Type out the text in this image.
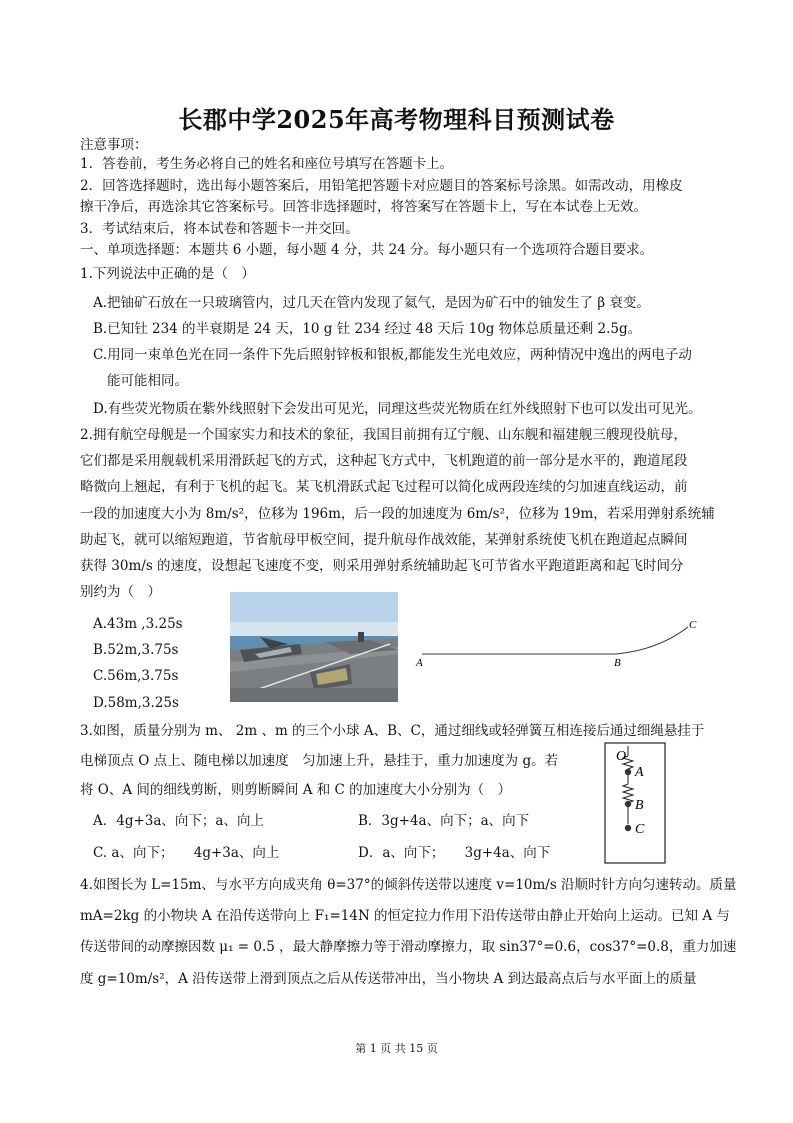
长郡中学2025年高考物理科目预测试卷
注意事项：
1．答卷前，考生务必将自己的姓名和座位号填写在答题卡上。
2．回答选择题时，选出每小题答案后，用铅笔把答题卡对应题目的答案标号涂黑。如需改动，用橡皮
擦干净后，再选涂其它答案标号。回答非选择题时，将答案写在答题卡上，写在本试卷上无效。
3．考试结束后，将本试卷和答题卡一并交回。
一、单项选择题：本题共 6 小题，每小题 4 分，共 24 分。每小题只有一个选项符合题目要求。
1.下列说法中正确的是（　）
A.把铀矿石放在一只玻璃管内，过几天在管内发现了氦气，是因为矿石中的铀发生了 β 衰变。
B.已知钍 234 的半衰期是 24 天，10 g 钍 234 经过 48 天后 10g 物体总质量还剩 2.5g。
C.用同一束单色光在同一条件下先后照射锌板和银板,都能发生光电效应，两种情况中逸出的两电子动
能可能相同。
D.有些荧光物质在紫外线照射下会发出可见光，同理这些荧光物质在红外线照射下也可以发出可见光。
2.拥有航空母舰是一个国家实力和技术的象征，我国目前拥有辽宁舰、山东舰和福建舰三艘现役航母，
它们都是采用舰载机采用滑跃起飞的方式，这种起飞方式中，飞机跑道的前一部分是水平的，跑道尾段
略微向上翘起，有利于飞机的起飞。某飞机滑跃式起飞过程可以简化成两段连续的匀加速直线运动，前
一段的加速度大小为 8m/s²，位移为 196m，后一段的加速度为 6m/s²，位移为 19m，若采用弹射系统辅
助起飞，就可以缩短跑道，节省航母甲板空间，提升航母作战效能，某弹射系统使飞机在跑道起点瞬间
获得 30m/s 的速度，设想起飞速度不变，则采用弹射系统辅助起飞可节省水平跑道距离和起飞时间分
别约为（　）
A.43m ,3.25s
B.52m,3.75s
C.56m,3.75s
D.58m,3.25s
A	B
C
3.如图，质量分别为 m、 2m 、m 的三个小球 A、B、C，通过细线或轻弹簧互相连接后通过细绳悬挂于
电梯顶点 O 点上、随电梯以加速度　匀加速上升，悬挂于，重力加速度为 g。若
将 O、A 间的细线剪断，则剪断瞬间 A 和 C 的加速度大小分别为（　）
A．4g+3a、向下；a、向上	B．3g+4a、向下；a、向下
C. a、向下；　　4g+3a、向上	D．a、向下；　　3g+4a、向下
O
A
B
C
4.如图长为 L=15m、与水平方向成夹角 θ=37°的倾斜传送带以速度 v=10m/s 沿顺时针方向匀速转动。质量
mA=2kg 的小物块 A 在沿传送带向上 F₁=14N 的恒定拉力作用下沿传送带由静止开始向上运动。已知 A 与
传送带间的动摩擦因数 μ₁ = 0.5 ，最大静摩擦力等于滑动摩擦力，取 sin37°=0.6，cos37°=0.8，重力加速
度 g=10m/s²，A 沿传送带上滑到顶点之后从传送带冲出，当小物块 A 到达最高点后与水平面上的质量
第 1 页 共 15 页
